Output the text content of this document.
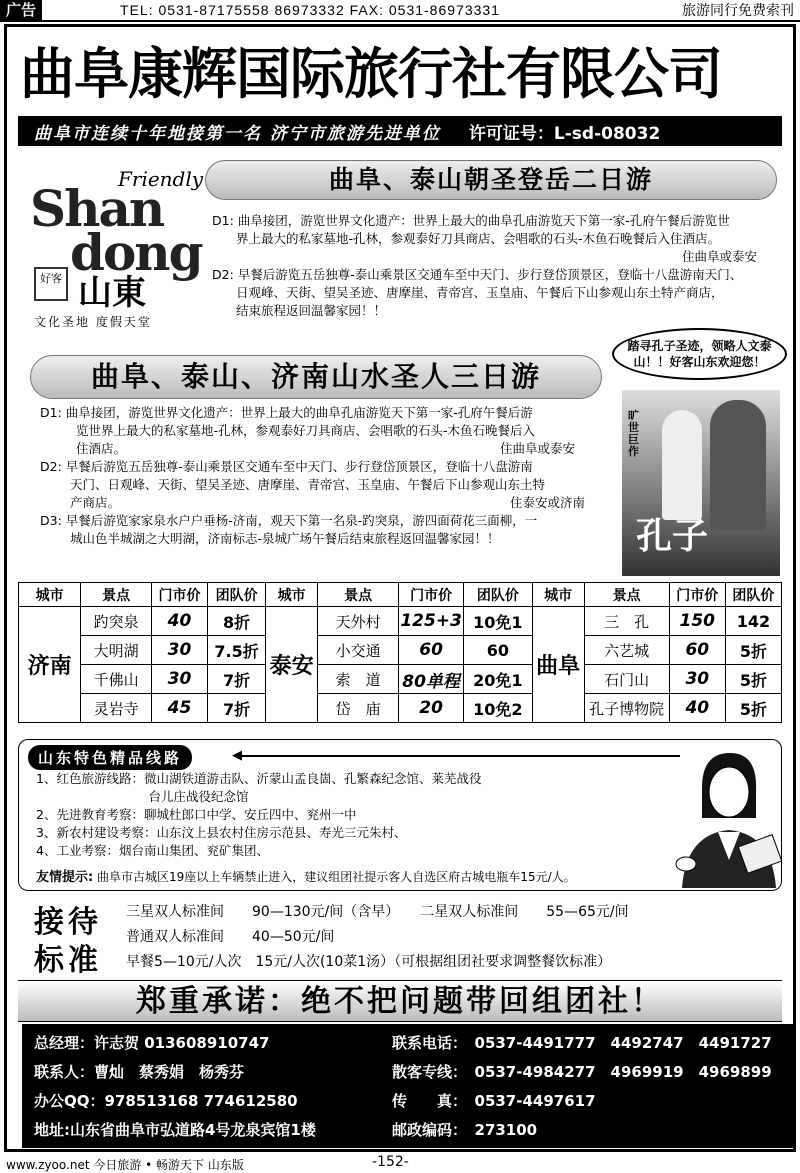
广告	TEL: 0531-87175558 86973332 FAX: 0531-86973331	旅游同行免费索刊
曲阜康辉国际旅行社有限公司
曲阜市连续十年地接第一名 济宁市旅游先进单位 许可证号：L-sd-08032
Friendly
Shan
dong
好客 山東
文化圣地 度假天堂
曲阜、泰山朝圣登岳二日游

D1: 曲阜接团，游览世界文化遗产：世界上最大的曲阜孔庙游览天下第一家-孔府午餐后游览世

界上最大的私家墓地-孔林，参观泰好刀具商店、会唱歌的石头-木鱼石晚餐后入住酒店。

住曲阜或泰安

D2: 早餐后游览五岳独尊-泰山乘景区交通车至中天门、步行登岱顶景区，登临十八盘游南天门、

日观峰、天街、望吴圣迹、唐摩崖、青帝宫、玉皇庙、午餐后下山参观山东土特产商店，

结束旅程返回温馨家园！！

踏寻孔子圣迹，领略人文泰山！！好客山东欢迎您！
旷世巨作
孔子
曲阜、泰山、济南山水圣人三日游

D1: 曲阜接团，游览世界文化遗产：世界上最大的曲阜孔庙游览天下第一家-孔府午餐后游

览世界上最大的私家墓地-孔林，参观泰好刀具商店、会唱歌的石头-木鱼石晚餐后入

住酒店。	住曲阜或泰安

D2: 早餐后游览五岳独尊-泰山乘景区交通车至中天门、步行登岱顶景区，登临十八盘游南

天门、日观峰、天街、望吴圣迹、唐摩崖、青帝宫、玉皇庙、午餐后下山参观山东土特

产商店。	住泰安或济南

D3: 早餐后游览家家泉水户户垂杨-济南，观天下第一名泉-趵突泉，游四面荷花三面柳，一

城山色半城湖之大明湖，济南标志-泉城广场午餐后结束旅程返回温馨家园！！

城市	景点	门市价	团队价	城市	景点	门市价	团队价	城市	景点	门市价	团队价
济南	趵突泉	40	8折	泰安	天外村	125+3	10免1	曲阜	三　孔	150	142
	大明湖	30	7.5折		小交通	60	60		六艺城	60	5折
	千佛山	30	7折		索　道	80单程	20免1		石门山	30	5折
	灵岩寺	45	7折		岱　庙	20	10免2		孔子博物院	40	5折
山东特色精品线路	◀

1、红色旅游线路：微山湖铁道游击队、沂蒙山孟良崮、孔繁森纪念馆、莱芜战役

　　　　　　　　　台儿庄战役纪念馆

2、先进教育考察：聊城杜郎口中学、安丘四中、兖州一中

3、新农村建设考察：山东汶上县农村住房示范县、寿光三元朱村、

4、工业考察：烟台南山集团、兖矿集团、

友情提示: 曲阜市古城区19座以上车辆禁止进入，建议组团社提示客人自选区府古城电瓶车15元/人。
接待
标准
三星双人标准间　　90—130元/间（含早）　　二星双人标准间　　55—65元/间
普通双人标准间　　40—50元/间
早餐5—10元/人次　15元/人次(10菜1汤）（可根据组团社要求调整餐饮标准）
郑重承诺：绝不把问题带回组团社！
总经理：许志贺 013608910747	联系电话：　0537-4491777　4492747　4491727
联系人：曹灿　蔡秀娟　杨秀芬	散客专线：　0537-4984277　4969919　4969899
办公QQ：978513168 774612580	传　　真：　0537-4497617
地址:山东省曲阜市弘道路4号龙泉宾馆1楼	邮政编码：　273100
www.zyoo.net 今日旅游 • 畅游天下 山东版	-152-
